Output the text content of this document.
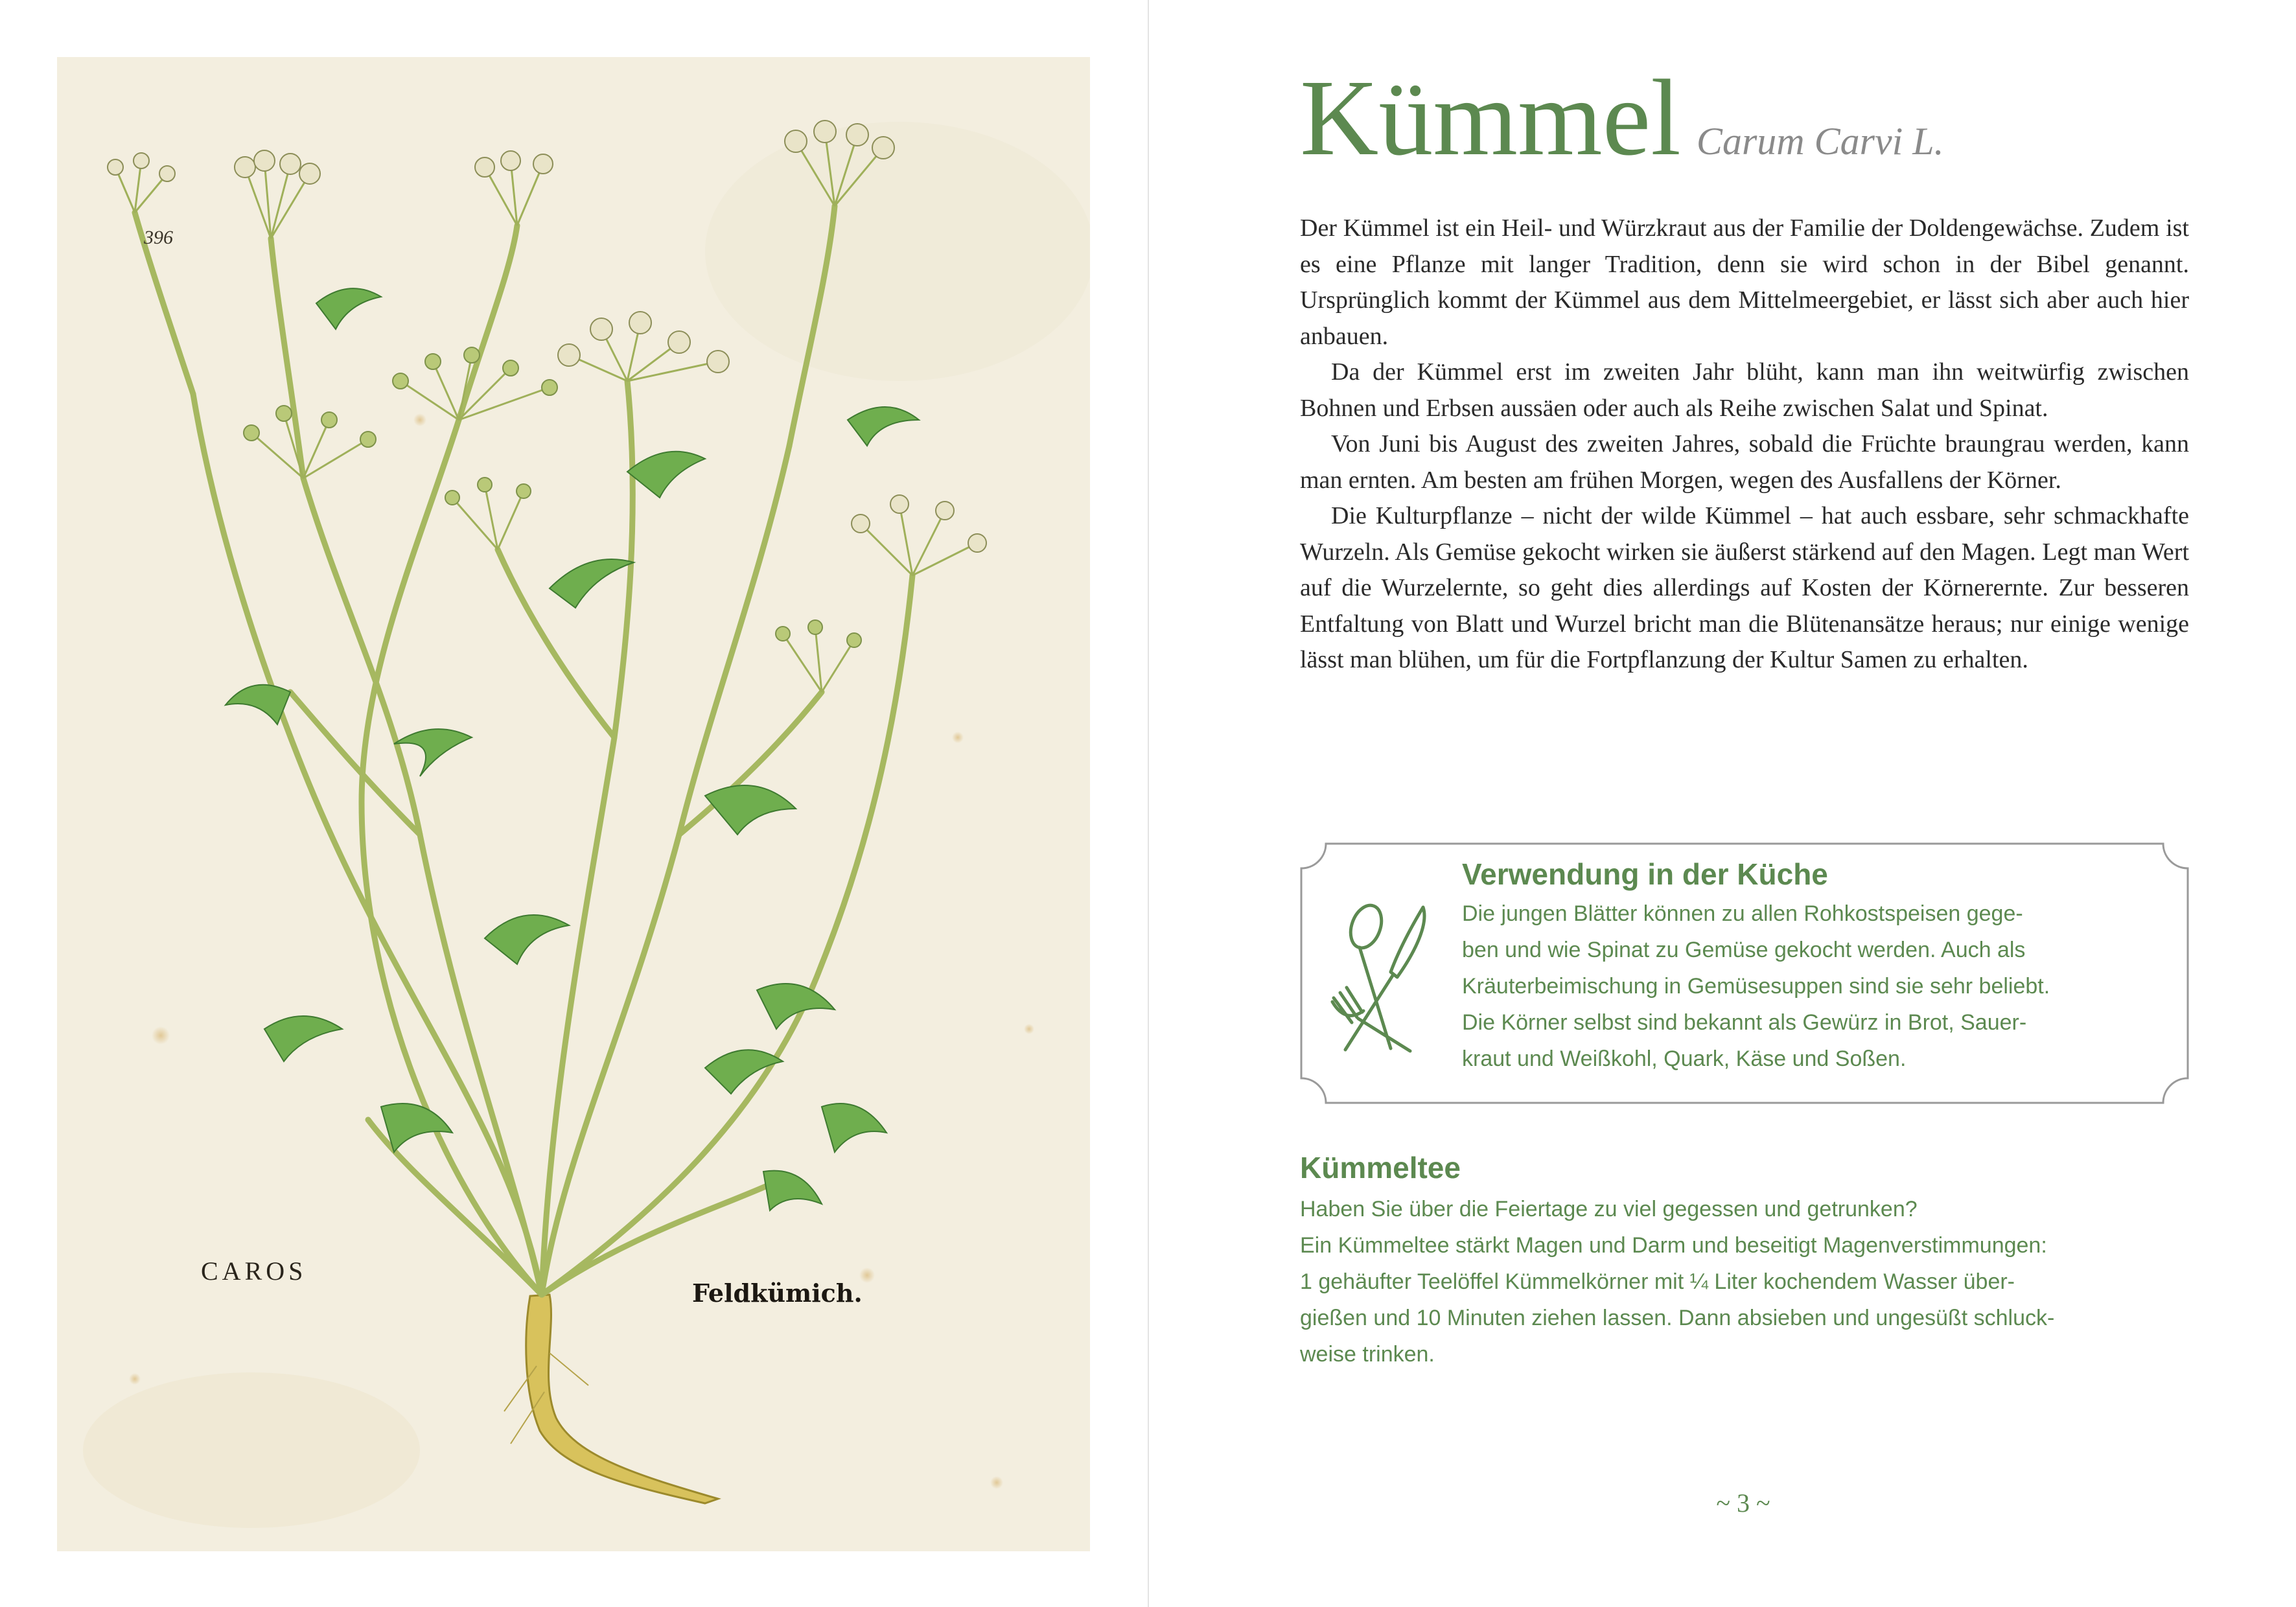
396
CAROS
Feldkümich.
Kümmel Carum Carvi L.

Der Kümmel ist ein Heil- und Würzkraut aus der Familie der Doldengewächse. Zudem ist es eine Pflanze mit langer Tradition, denn sie wird schon in der Bibel genannt. Ursprünglich kommt der Kümmel aus dem Mittelmeergebiet, er lässt sich aber auch hier anbauen.

Da der Kümmel erst im zweiten Jahr blüht, kann man ihn weitwürfig zwischen Bohnen und Erbsen aussäen oder auch als Reihe zwischen Salat und Spinat.

Von Juni bis August des zweiten Jahres, sobald die Früchte braungrau werden, kann man ernten. Am besten am frühen Morgen, wegen des Ausfallens der Körner.

Die Kulturpflanze – nicht der wilde Kümmel – hat auch essbare, sehr schmackhafte Wurzeln. Als Gemüse gekocht wirken sie äußerst stärkend auf den Magen. Legt man Wert auf die Wurzelernte, so geht dies allerdings auf Kosten der Körnerernte. Zur besseren Entfaltung von Blatt und Wurzel bricht man die Blütenansätze heraus; nur einige wenige lässt man blühen, um für die Fortpflanzung der Kultur Samen zu erhalten.

Verwendung in der Küche
Die jungen Blätter können zu allen Rohkostspeisen gege-
ben und wie Spinat zu Gemüse gekocht werden. Auch als
Kräuterbeimischung in Gemüsesuppen sind sie sehr beliebt.
Die Körner selbst sind bekannt als Gewürz in Brot, Sauer-
kraut und Weißkohl, Quark, Käse und Soßen.
Kümmeltee
Haben Sie über die Feiertage zu viel gegessen und getrunken?
Ein Kümmeltee stärkt Magen und Darm und beseitigt Magenverstimmungen:
1 gehäufter Teelöffel Kümmelkörner mit ¼ Liter kochendem Wasser über-
gießen und 10 Minuten ziehen lassen. Dann absieben und ungesüßt schluck-
weise trinken.
~ 3 ~
